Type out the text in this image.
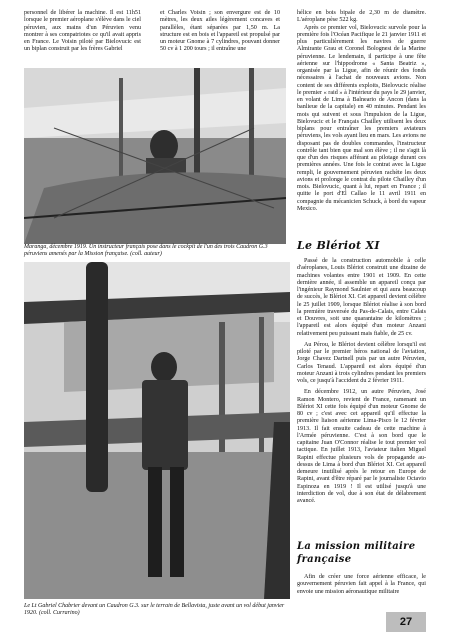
personnel de libérer la machine. Il est 11h51 lorsque le premier aéroplane s'élève dans le ciel péruvien, aux mains d'un Péruvien venu montrer à ses compatriotes ce qu'il avait appris en France. Le Voisin piloté par Bielovucic est un biplan construit par les frères Gabriel

et Charles Voisin ; son envergure est de 10 mètres, les deux ailes légèrement concaves et parallèles, étant séparées par 1,50 m. La structure est en bois et l'appareil est propulsé par un moteur Gnome à 7 cylindres, pouvant donner 50 cv à 1 200 tours ; il entraîne une

hélice en bois bipale de 2,30 m de diamètre. L'aéroplane pèse 522 kg.

Après ce premier vol, Bielovucic survole pour la première fois l'Océan Pacifique le 21 janvier 1911 et plus particulièrement les navires de guerre Almirante Grau et Coronel Bolognesi de la Marine péruvienne. Le lendemain, il participe à une fête aérienne sur l'hippodrome « Santa Beatriz », organisée par la Ligue, afin de réunir des fonds nécessaires à l'achat de nouveaux avions. Non content de ses différents exploits, Bielovucic réalise le premier « raid » à l'intérieur du pays le 29 janvier, en volant de Lima à Balneario de Ancon (dans la banlieue de la capitale) en 40 minutes. Pendant les mois qui suivent et sous l'impulsion de la Ligue, Bielovucic et le Français Chailley utilisent les deux biplans pour entraîner les premiers aviateurs péruviens, les vols ayant lieu en mars. Les avions ne disposant pas de doubles commandes, l'instructeur contrôle tant bien que mal son élève ; il ne s'agit là que d'un des risques afférant au pilotage durant ces premières années. Une fois le contrat avec la Ligue rempli, le gouvernement péruvien rachète les deux avions et prolonge le contrat du pilote Chailley d'un mois. Bielovucic, quant à lui, repart en France ; il quitte le port d'El Callao le 11 avril 1911 en compagnie du mécanicien Schuck, à bord du vapeur Mexico.

Maranga, décembre 1919. Un instructeur français pose dans le cockpit de l'un des trois Caudron G.3 péruviens amenés par la Mission française. (coll. auteur)
Le Blériot XI

Passé de la construction automobile à celle d'aéroplanes, Louis Blériot construit une dizaine de machines volantes entre 1901 et 1909. En cette dernière année, il assemble un appareil conçu par l'ingénieur Raymond Saulnier et qui aura beaucoup de succès, le Blériot XI. Cet appareil devient célèbre le 25 juillet 1909, lorsque Blériot réalise à son bord la première traversée du Pas-de-Calais, entre Calais et Douvres, soit une quarantaine de kilomètres ; l'appareil est alors équipé d'un moteur Anzani relativement peu puissant mais fiable, de 25 cv.

Au Pérou, le Blériot devient célèbre lorsqu'il est piloté par le premier héros national de l'aviation, Jorge Chavez Dartnell puis par un autre Péruvien, Carlos Tenaud. L'appareil est alors équipé d'un moteur Anzani à trois cylindres pendant les premiers vols, ce jusqu'à l'accident du 2 février 1911.

En décembre 1912, un autre Péruvien, José Ramon Montero, revient de France, ramenant un Blériot XI cette fois équipé d'un moteur Gnome de 80 cv ; c'est avec cet appareil qu'il effectue la première liaison aérienne Lima-Pisco le 12 février 1913. Il fait ensuite cadeau de cette machine à l'Armée péruvienne. C'est à son bord que le capitaine Juan O'Connor réalise le tout premier vol tactique. En juillet 1913, l'aviateur italien Miguel Rapini effectue plusieurs vols de propagande au-dessus de Lima à bord d'un Blériot XI. Cet appareil demeure inutilisé après le retour en Europe de Rapini, avant d'être réparé par le journaliste Octavio Espinoza en 1919 ! Il est utilisé jusqu'à une interdiction de vol, due à son état de délabrement avancé.

Le Lt Gabriel Chabrier devant un Caudron G.3. sur le terrain de Bellavista, juste avant un vol début janvier 1920. (coll. Currarino)
La mission militaire française

Afin de créer une force aérienne efficace, le gouvernement péruvien fait appel à la France, qui envoie une mission aéronautique militaire

27
